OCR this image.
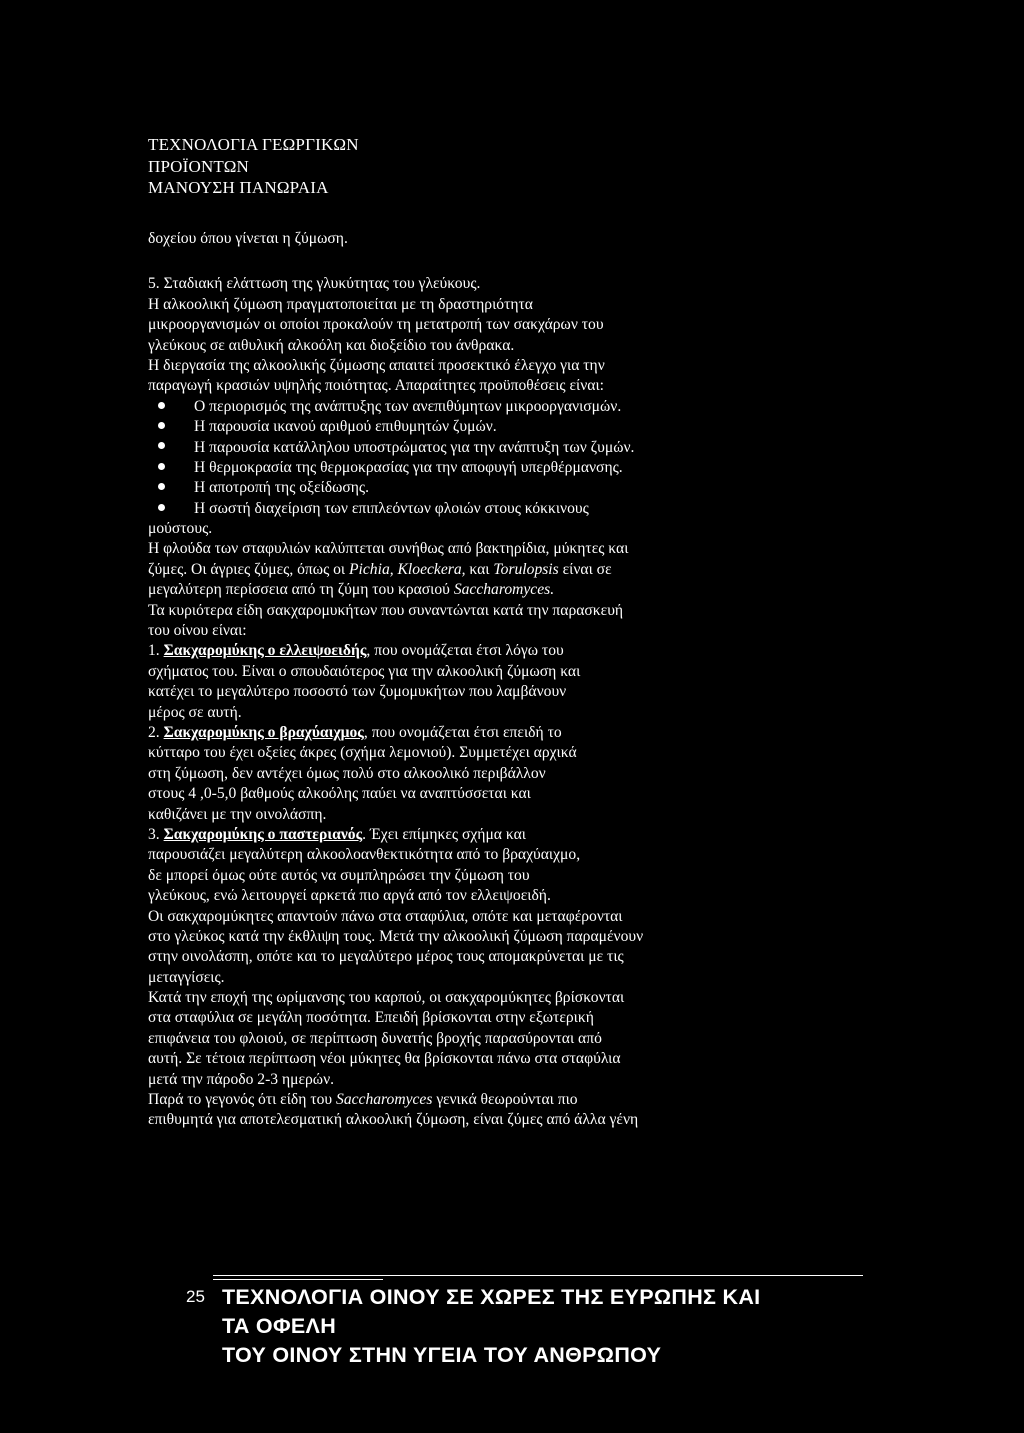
ΤΕΧΝΟΛΟΓΙΑ ΓΕΩΡΓΙΚΩΝ
ΠΡΟΪΟΝΤΩΝ
ΜΑΝΟΥΣΗ ΠΑΝΩΡΑΙΑ
δοχείου όπου γίνεται η ζύμωση.
5. Σταδιακή ελάττωση της γλυκύτητας του γλεύκους.
Η αλκοολική ζύμωση πραγματοποιείται με τη δραστηριότητα
μικροοργανισμών οι οποίοι προκαλούν τη μετατροπή των σακχάρων του
γλεύκους σε αιθυλική αλκοόλη και διοξείδιο του άνθρακα.
Η διεργασία της αλκοολικής ζύμωσης απαιτεί προσεκτικό έλεγχο για την
παραγωγή κρασιών υψηλής ποιότητας. Απαραίτητες προϋποθέσεις είναι:
Ο περιορισμός της ανάπτυξης των ανεπιθύμητων μικροοργανισμών.
Η παρουσία ικανού αριθμού επιθυμητών ζυμών.
Η παρουσία κατάλληλου υποστρώματος για την ανάπτυξη των ζυμών.
Η θερμοκρασία της θερμοκρασίας για την αποφυγή υπερθέρμανσης.
Η αποτροπή της οξείδωσης.
Η σωστή διαχείριση των επιπλεόντων φλοιών στους κόκκινους
μούστους.
Η φλούδα των σταφυλιών καλύπτεται συνήθως από βακτηρίδια, μύκητες και
ζύμες. Οι άγριες ζύμες, όπως οι Pichia, Kloeckera, και Torulopsis είναι σε
μεγαλύτερη περίσσεια από τη ζύμη του κρασιού Saccharomyces.
Τα κυριότερα είδη σακχαρομυκήτων που συναντώνται κατά την παρασκευή
του οίνου είναι:
1. Σακχαρομύκης ο ελλειψοειδής, που ονομάζεται έτσι λόγω του
σχήματος του. Είναι ο σπουδαιότερος για την αλκοολική ζύμωση και
κατέχει το μεγαλύτερο ποσοστό των ζυμομυκήτων που λαμβάνουν
μέρος σε αυτή.
2. Σακχαρομύκης ο βραχύαιχμος, που ονομάζεται έτσι επειδή το
κύτταρο του έχει οξείες άκρες (σχήμα λεμονιού). Συμμετέχει αρχικά
στη ζύμωση, δεν αντέχει όμως πολύ στο αλκοολικό περιβάλλον
στους 4 ,0-5,0 βαθμούς αλκοόλης παύει να αναπτύσσεται και
καθιζάνει με την οινολάσπη.
3. Σακχαρομύκης ο παστεριανός. Έχει επίμηκες σχήμα και
παρουσιάζει μεγαλύτερη αλκοολοανθεκτικότητα από το βραχύαιχμο,
δε μπορεί όμως ούτε αυτός να συμπληρώσει την ζύμωση του
γλεύκους, ενώ λειτουργεί αρκετά πιο αργά από τον ελλειψοειδή.
Οι σακχαρομύκητες απαντούν πάνω στα σταφύλια, οπότε και μεταφέρονται
στο γλεύκος κατά την έκθλιψη τους. Μετά την αλκοολική ζύμωση παραμένουν
στην οινολάσπη, οπότε και το μεγαλύτερο μέρος τους απομακρύνεται με τις
μεταγγίσεις.
Κατά την εποχή της ωρίμανσης του καρπού, οι σακχαρομύκητες βρίσκονται
στα σταφύλια σε μεγάλη ποσότητα. Επειδή βρίσκονται στην εξωτερική
επιφάνεια του φλοιού, σε περίπτωση δυνατής βροχής παρασύρονται από
αυτή. Σε τέτοια περίπτωση νέοι μύκητες θα βρίσκονται πάνω στα σταφύλια
μετά την πάροδο 2-3 ημερών.
Παρά το γεγονός ότι είδη του Saccharomyces γενικά θεωρούνται πιο
επιθυμητά για αποτελεσματική αλκοολική ζύμωση, είναι ζύμες από άλλα γένη
25 ΤΕΧΝΟΛΟΓΙΑ ΟΙΝΟΥ ΣΕ ΧΩΡΕΣ ΤΗΣ ΕΥΡΩΠΗΣ ΚΑΙ
ΤΑ ΟΦΕΛΗ
ΤΟΥ ΟΙΝΟΥ ΣΤΗΝ ΥΓΕΙΑ ΤΟΥ ΑΝΘΡΩΠΟΥ
